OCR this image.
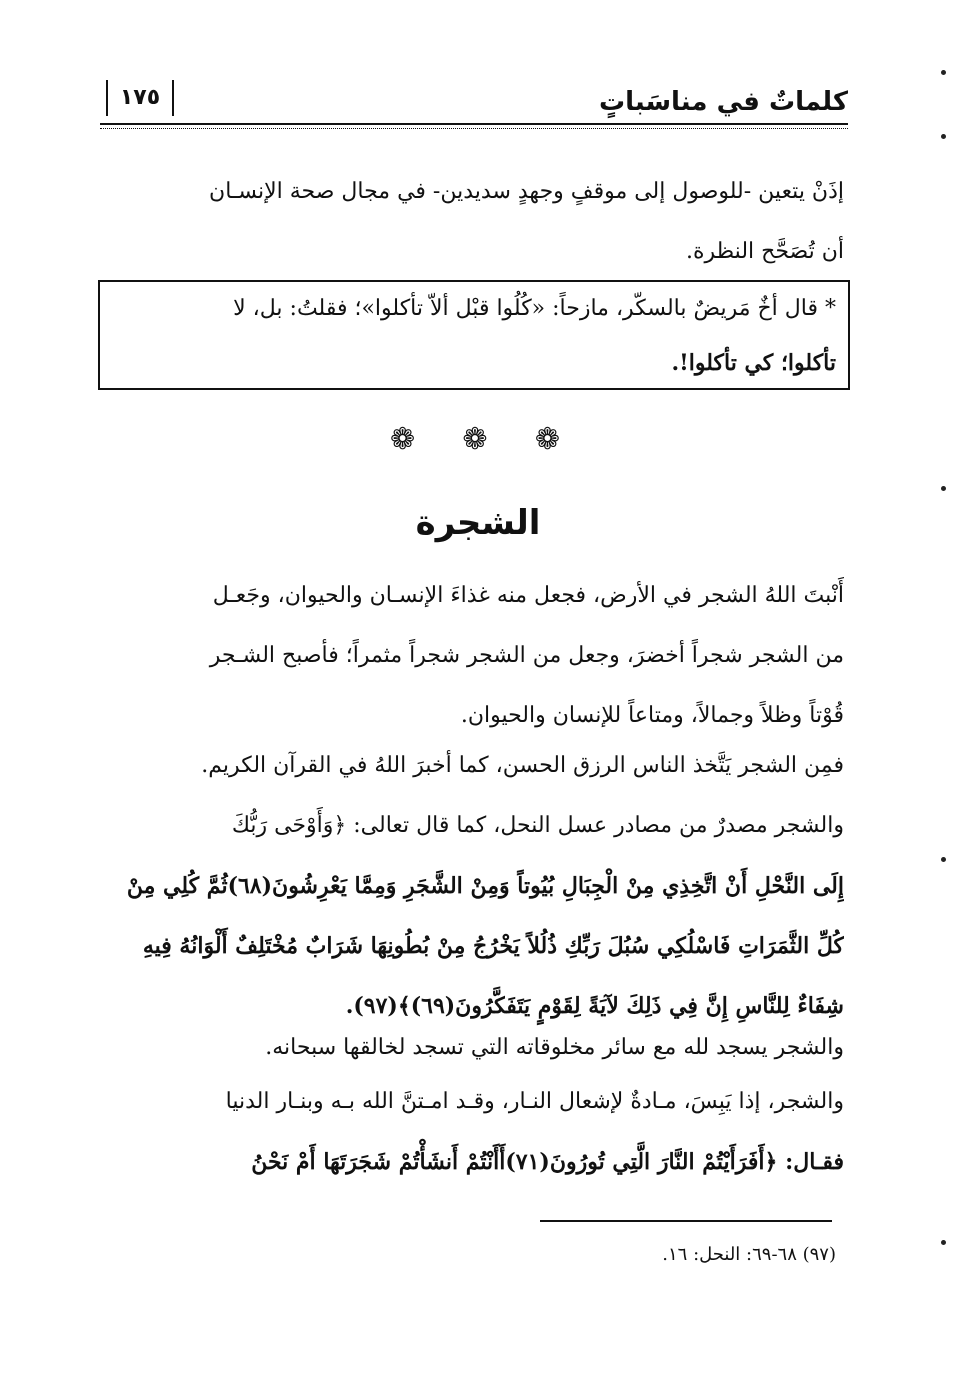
كلماتٌ في مناسَباتٍ
١٧٥
إذَنْ يتعين -للوصول إلى موقفٍ وجهدٍ سديدين- في مجال صحة الإنسـان
أن تُصَحَّح النظرة.
* قال أخٌ مَريضٌ بالسكّر، مازحاً: «كُلُوا قبْل ألاّ تأكلوا»؛ فقلتُ: بل، لا
تأكلوا؛ كي تأكلوا!.
❁ ❁ ❁
الشجرة
أَنْبتَ اللهُ الشجر في الأرض، فجعل منه غذاءَ الإنسـان والحيوان، وجَعـل
من الشجر شجراً أخضرَ، وجعل من الشجر شجراً مثمراً؛ فأصبح الشـجر
قُوْتاً وظلاً وجمالاً، ومتاعاً للإنسان والحيوان.
فمِن الشجر يَتَّخذ الناس الرزق الحسن، كما أخبرَ اللهُ في القرآن الكريم.
والشجر مصدرٌ من مصادر عسل النحل، كما قال تعالى: ﴿وَأَوْحَى رَبُّكَ
إِلَى النَّحْلِ أَنْ اتَّخِذِي مِنْ الْجِبَالِ بُيُوتاً وَمِنْ الشَّجَرِ وَمِمَّا يَعْرِشُونَ(٦٨)ثُمَّ كُلِي مِنْ
كُلِّ الثَّمَرَاتِ فَاسْلُكِي سُبُلَ رَبِّكِ ذُلُلاً يَخْرُجُ مِنْ بُطُونِهَا شَرَابٌ مُخْتَلِفٌ أَلْوَانُهُ فِيهِ
شِفَاءٌ لِلنَّاسِ إِنَّ فِي ذَلِكَ لآيَةً لِقَوْمٍ يَتَفَكَّرُونَ(٦٩)﴾(٩٧).
والشجر يسجد لله مع سائر مخلوقاته التي تسجد لخالقها سبحانه.
والشجر، إذا يَبِسَ، مـادةٌ لإشعال النـار، وقـد امـتنَّ الله بـه وبنـار الدنيا
فقـال: ﴿أَفَرَأَيْتُمْ النَّارَ الَّتِي تُورُونَ(٧١)أَأَنْتُمْ أَنشَأْتُمْ شَجَرَتَهَا أَمْ نَحْنُ
(٩٧) ٦٨-٦٩: النحل: ١٦.
